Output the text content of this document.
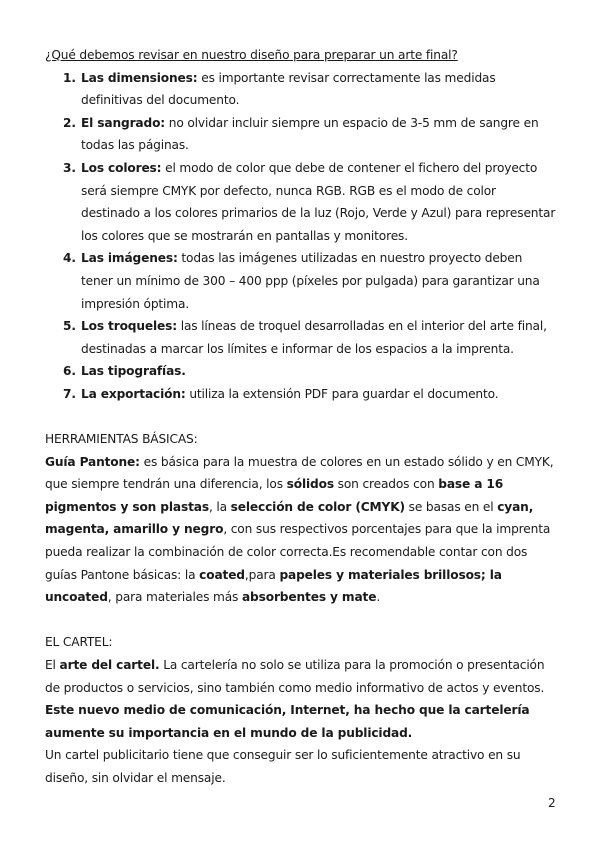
¿Qué debemos revisar en nuestro diseño para preparar un arte final?

1. Las dimensiones: es importante revisar correctamente las medidas definitivas del documento.
2. El sangrado: no olvidar incluir siempre un espacio de 3-5 mm de sangre en todas las páginas.
3. Los colores: el modo de color que debe de contener el fichero del proyecto será siempre CMYK por defecto, nunca RGB. RGB es el modo de color destinado a los colores primarios de la luz (Rojo, Verde y Azul) para representar los colores que se mostrarán en pantallas y monitores.
4. Las imágenes: todas las imágenes utilizadas en nuestro proyecto deben tener un mínimo de 300 – 400 ppp (píxeles por pulgada) para garantizar una impresión óptima.
5. Los troqueles: las líneas de troquel desarrolladas en el interior del arte final, destinadas a marcar los límites e informar de los espacios a la imprenta.
6. Las tipografías.
7. La exportación: utiliza la extensión PDF para guardar el documento.

HERRAMIENTAS BÁSICAS:

Guía Pantone: es básica para la muestra de colores en un estado sólido y en CMYK, que siempre tendrán una diferencia, los sólidos son creados con base a 16 pigmentos y son plastas, la selección de color (CMYK) se basas en el cyan, magenta, amarillo y negro, con sus respectivos porcentajes para que la imprenta pueda realizar la combinación de color correcta.Es recomendable contar con dos guías Pantone básicas: la coated,para papeles y materiales brillosos; la uncoated, para materiales más absorbentes y mate.

EL CARTEL:

El arte del cartel. La cartelería no solo se utiliza para la promoción o presentación de productos o servicios, sino también como medio informativo de actos y eventos.

Este nuevo medio de comunicación, Internet, ha hecho que la cartelería aumente su importancia en el mundo de la publicidad.

Un cartel publicitario tiene que conseguir ser lo suficientemente atractivo en su diseño, sin olvidar el mensaje.

2
